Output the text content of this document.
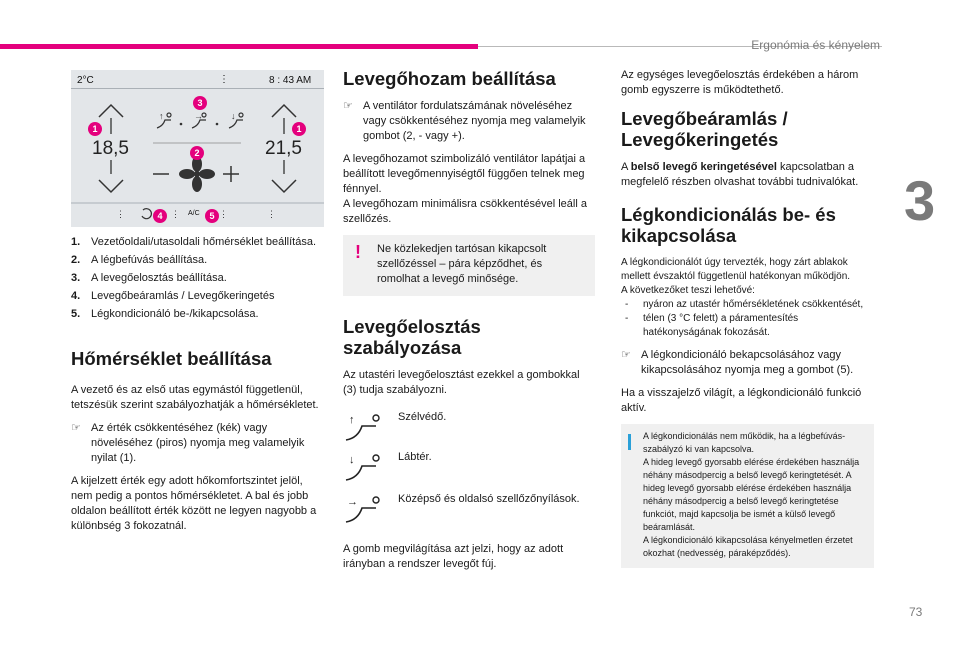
Ergonómia és kényelem
3
73
2°C	⋮	8 : 43 AM
↑	→	↓
⋮	⋮	⋮	⋮
18,5	21,5
A/C
1	1
2
3
4	5
1. Vezetőoldali/utasoldali hőmérséklet beállítása.
2. A légbefúvás beállítása.
3. A levegőelosztás beállítása.
4. Levegőbeáramlás / Levegőkeringetés
5. Légkondicionáló be-/kikapcsolása.
Hőmérséklet beállítása

A vezető és az első utas egymástól függetlenül, tetszésük szerint szabályozhatják a hőmérsékletet.

☞ Az érték csökkentéséhez (kék) vagy növeléséhez (piros) nyomja meg valamelyik nyilat (1).

A kijelzett érték egy adott hőkomfortszintet jelöl, nem pedig a pontos hőmérsékletet. A bal és jobb oldalon beállított érték között ne legyen nagyobb a különbség 3 fokozatnál.

Levegőhozam beállítása

☞ A ventilátor fordulatszámának növeléséhez vagy csökkentéséhez nyomja meg valamelyik gombot (2, - vagy +).

A levegőhozamot szimbolizáló ventilátor lapátjai a beállított levegőmennyiségtől függően telnek meg fénnyel.

A levegőhozam minimálisra csökkentésével leáll a szellőzés.

! Ne közlekedjen tartósan kikapcsolt szellőzéssel – pára képződhet, és romolhat a levegő minősége.
Levegőelosztás szabályozása

Az utastéri levegőelosztást ezekkel a gombokkal (3) tudja szabályozni.

↑	Szélvédő.
↓	Lábtér.
→	Középső és oldalsó szellőzőnyílások.

A gomb megvilágítása azt jelzi, hogy az adott irányban a rendszer levegőt fúj.

Az egységes levegőelosztás érdekében a három gomb egyszerre is működtethető.

Levegőbeáramlás / Levegőkeringetés

A belső levegő keringetésével kapcsolatban a megfelelő részben olvashat további tudnivalókat.

Légkondicionálás be- és kikapcsolása
A légkondicionálót úgy tervezték, hogy zárt ablakok mellett évszaktól függetlenül hatékonyan működjön.
A következőket teszi lehetővé:
- nyáron az utastér hőmérsékletének csökkentését,
- télen (3 °C felett) a páramentesítés hatékonyságának fokozását.

☞ A légkondicionáló bekapcsolásához vagy kikapcsolásához nyomja meg a gombot (5).

Ha a visszajelző világít, a légkondicionáló funkció aktív.

A légkondicionálás nem működik, ha a légbefúvás-szabályzó ki van kapcsolva.
A hideg levegő gyorsabb elérése érdekében használja néhány másodpercig a belső levegő keringtetését. A hideg levegő gyorsabb elérése érdekében használja néhány másodpercig a belső levegő keringtetése funkciót, majd kapcsolja be ismét a külső levegő beáramlását.
A légkondicionáló kikapcsolása kényelmetlen érzetet okozhat (nedvesség, páraképződés).
